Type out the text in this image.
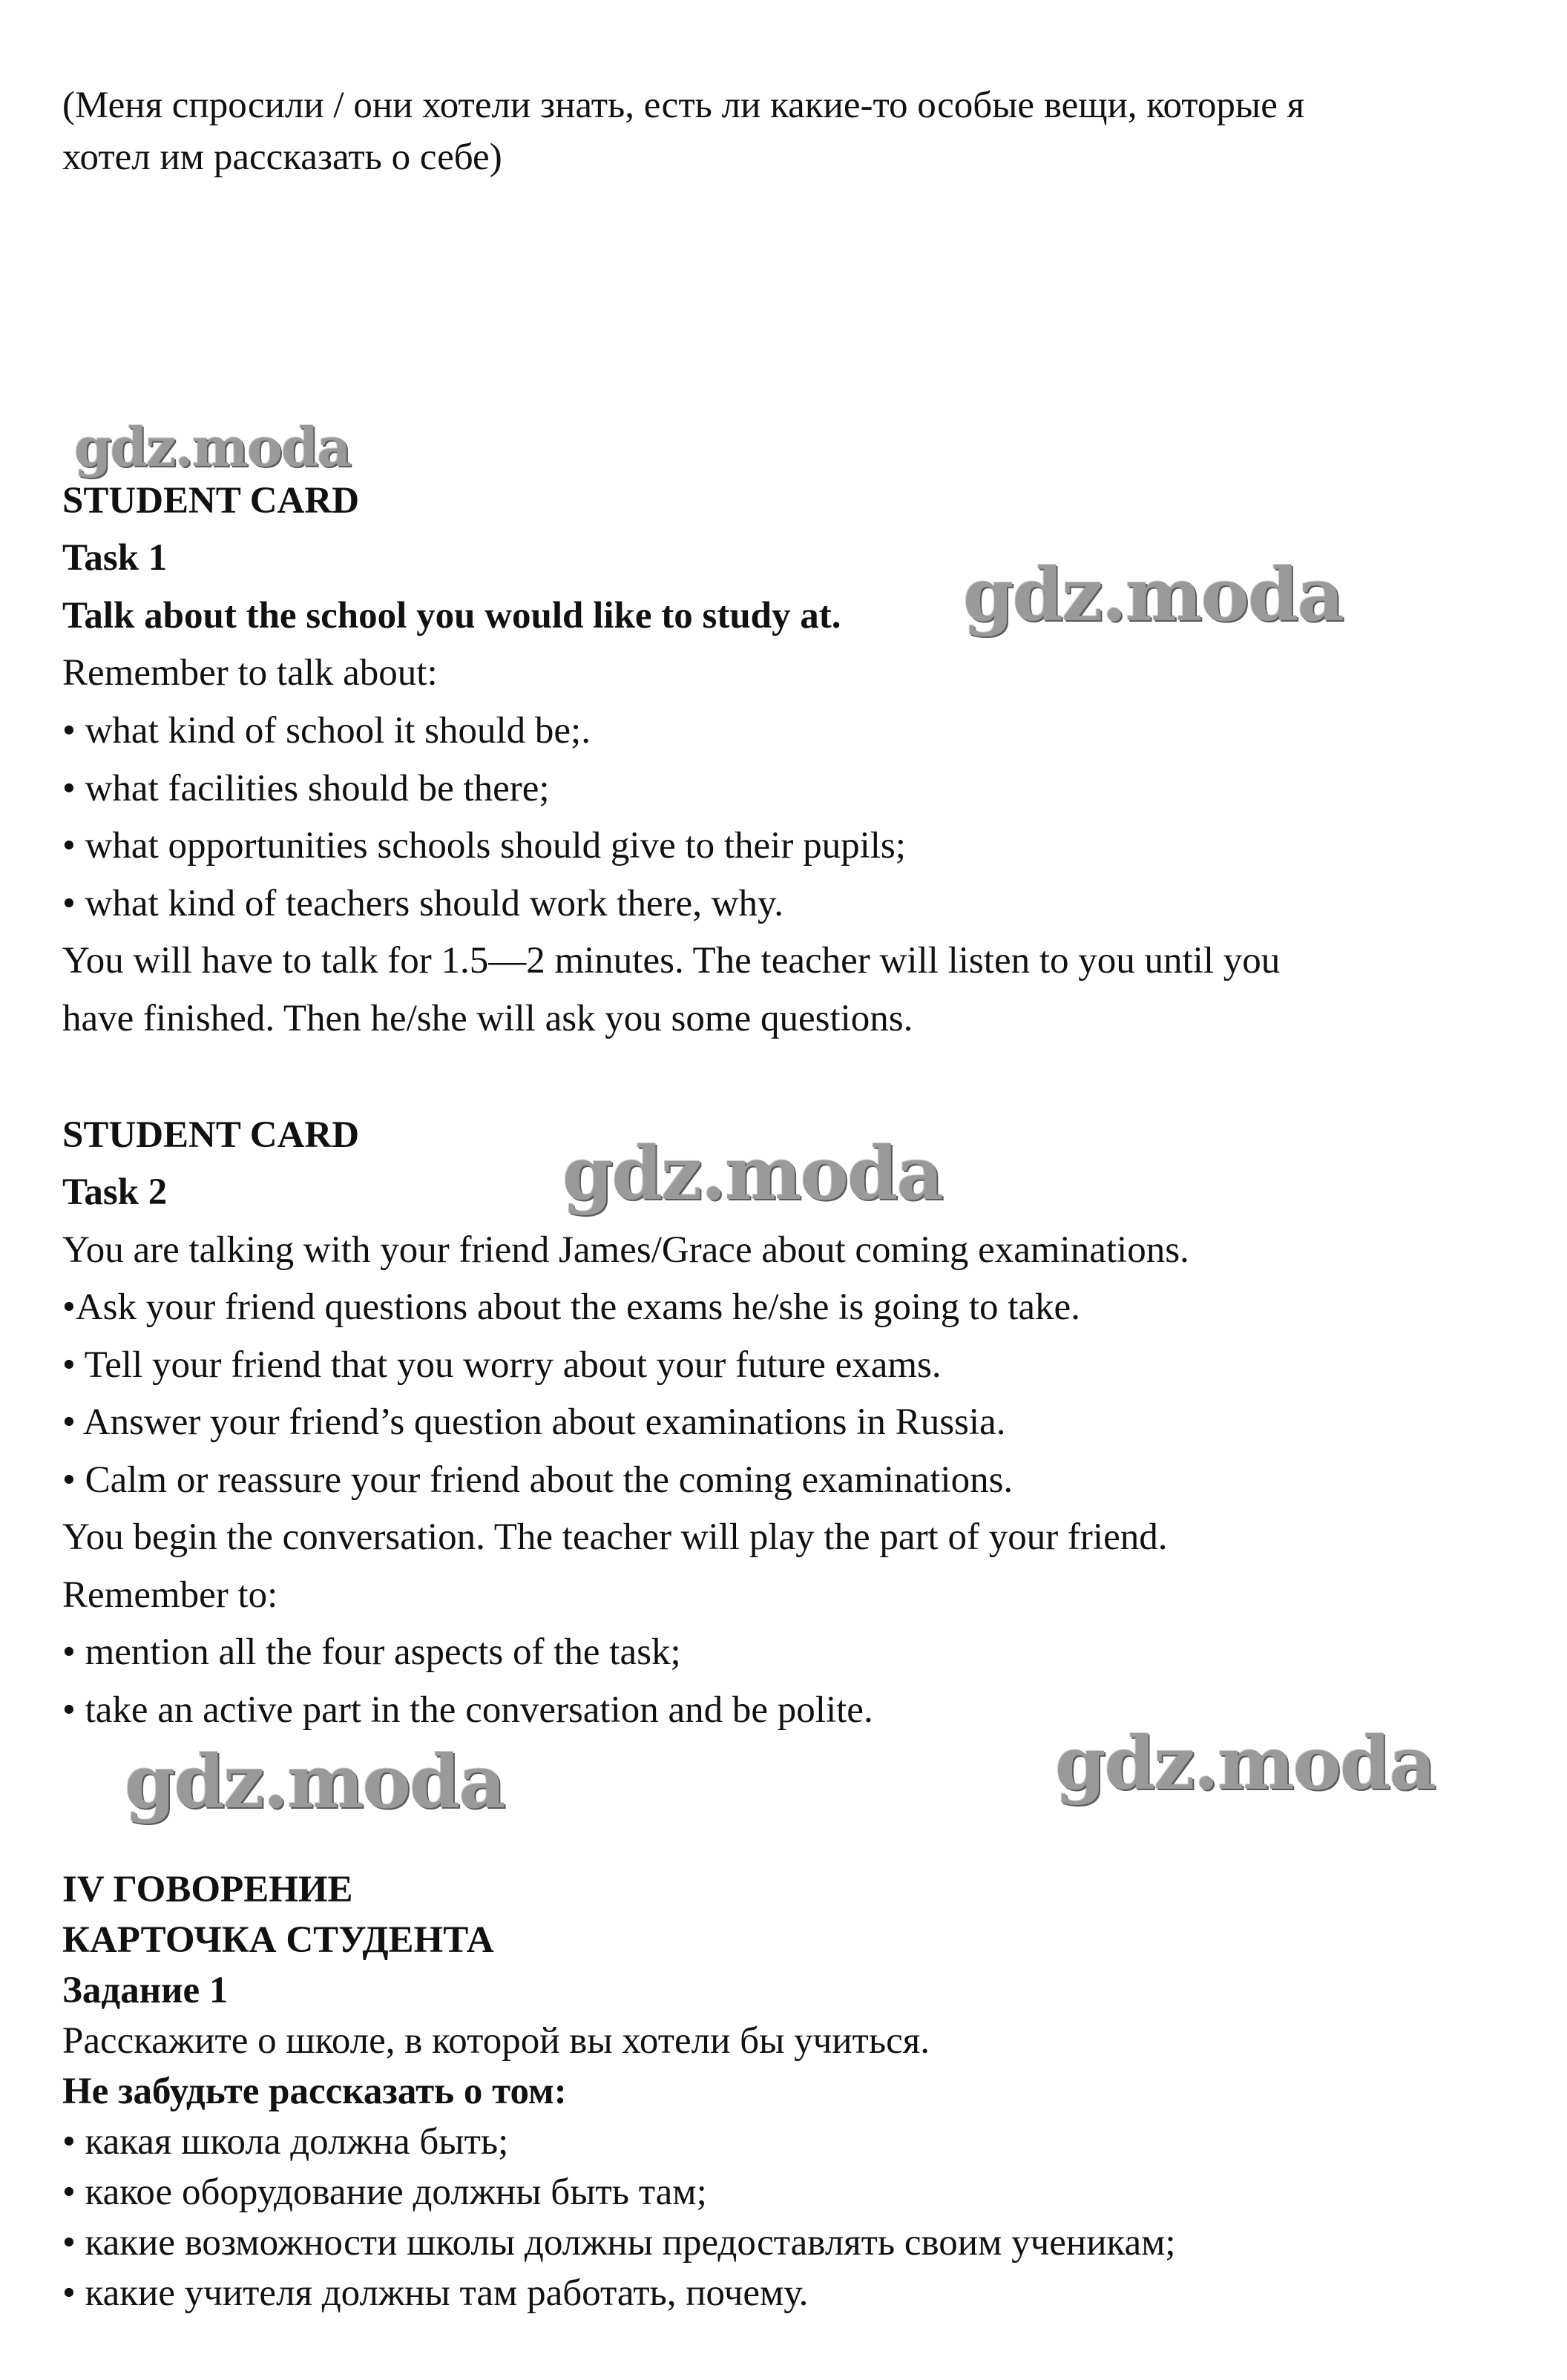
(Меня спросили / они хотели знать, есть ли какие-то особые вещи, которые я
хотел им рассказать о себе)
gdz.moda
STUDENT CARD
Task 1
Talk about the school you would like to study at. gdz.moda
Remember to talk about:
• what kind of school it should be;.
• what facilities should be there;
• what opportunities schools should give to their pupils;
• what kind of teachers should work there, why.
You will have to talk for 1.5—2 minutes. The teacher will listen to you until you
have finished. Then he/she will ask you some questions.
STUDENT CARD
Task 2	gdz.moda
You are talking with your friend James/Grace about coming examinations.
•Ask your friend questions about the exams he/she is going to take.
• Tell your friend that you worry about your future exams.
• Answer your friend’s question about examinations in Russia.
• Calm or reassure your friend about the coming examinations.
You begin the conversation. The teacher will play the part of your friend.
Remember to:
• mention all the four aspects of the task;
• take an active part in the conversation and be polite.
gdz.moda	gdz.moda
IV ГОВОРЕНИЕ
КАРТОЧКА СТУДЕНТА
Задание 1
Расскажите о школе, в которой вы хотели бы учиться.
Не забудьте рассказать о том:
• какая школа должна быть;
• какое оборудование должны быть там;
• какие возможности школы должны предоставлять своим ученикам;
• какие учителя должны там работать, почему.
